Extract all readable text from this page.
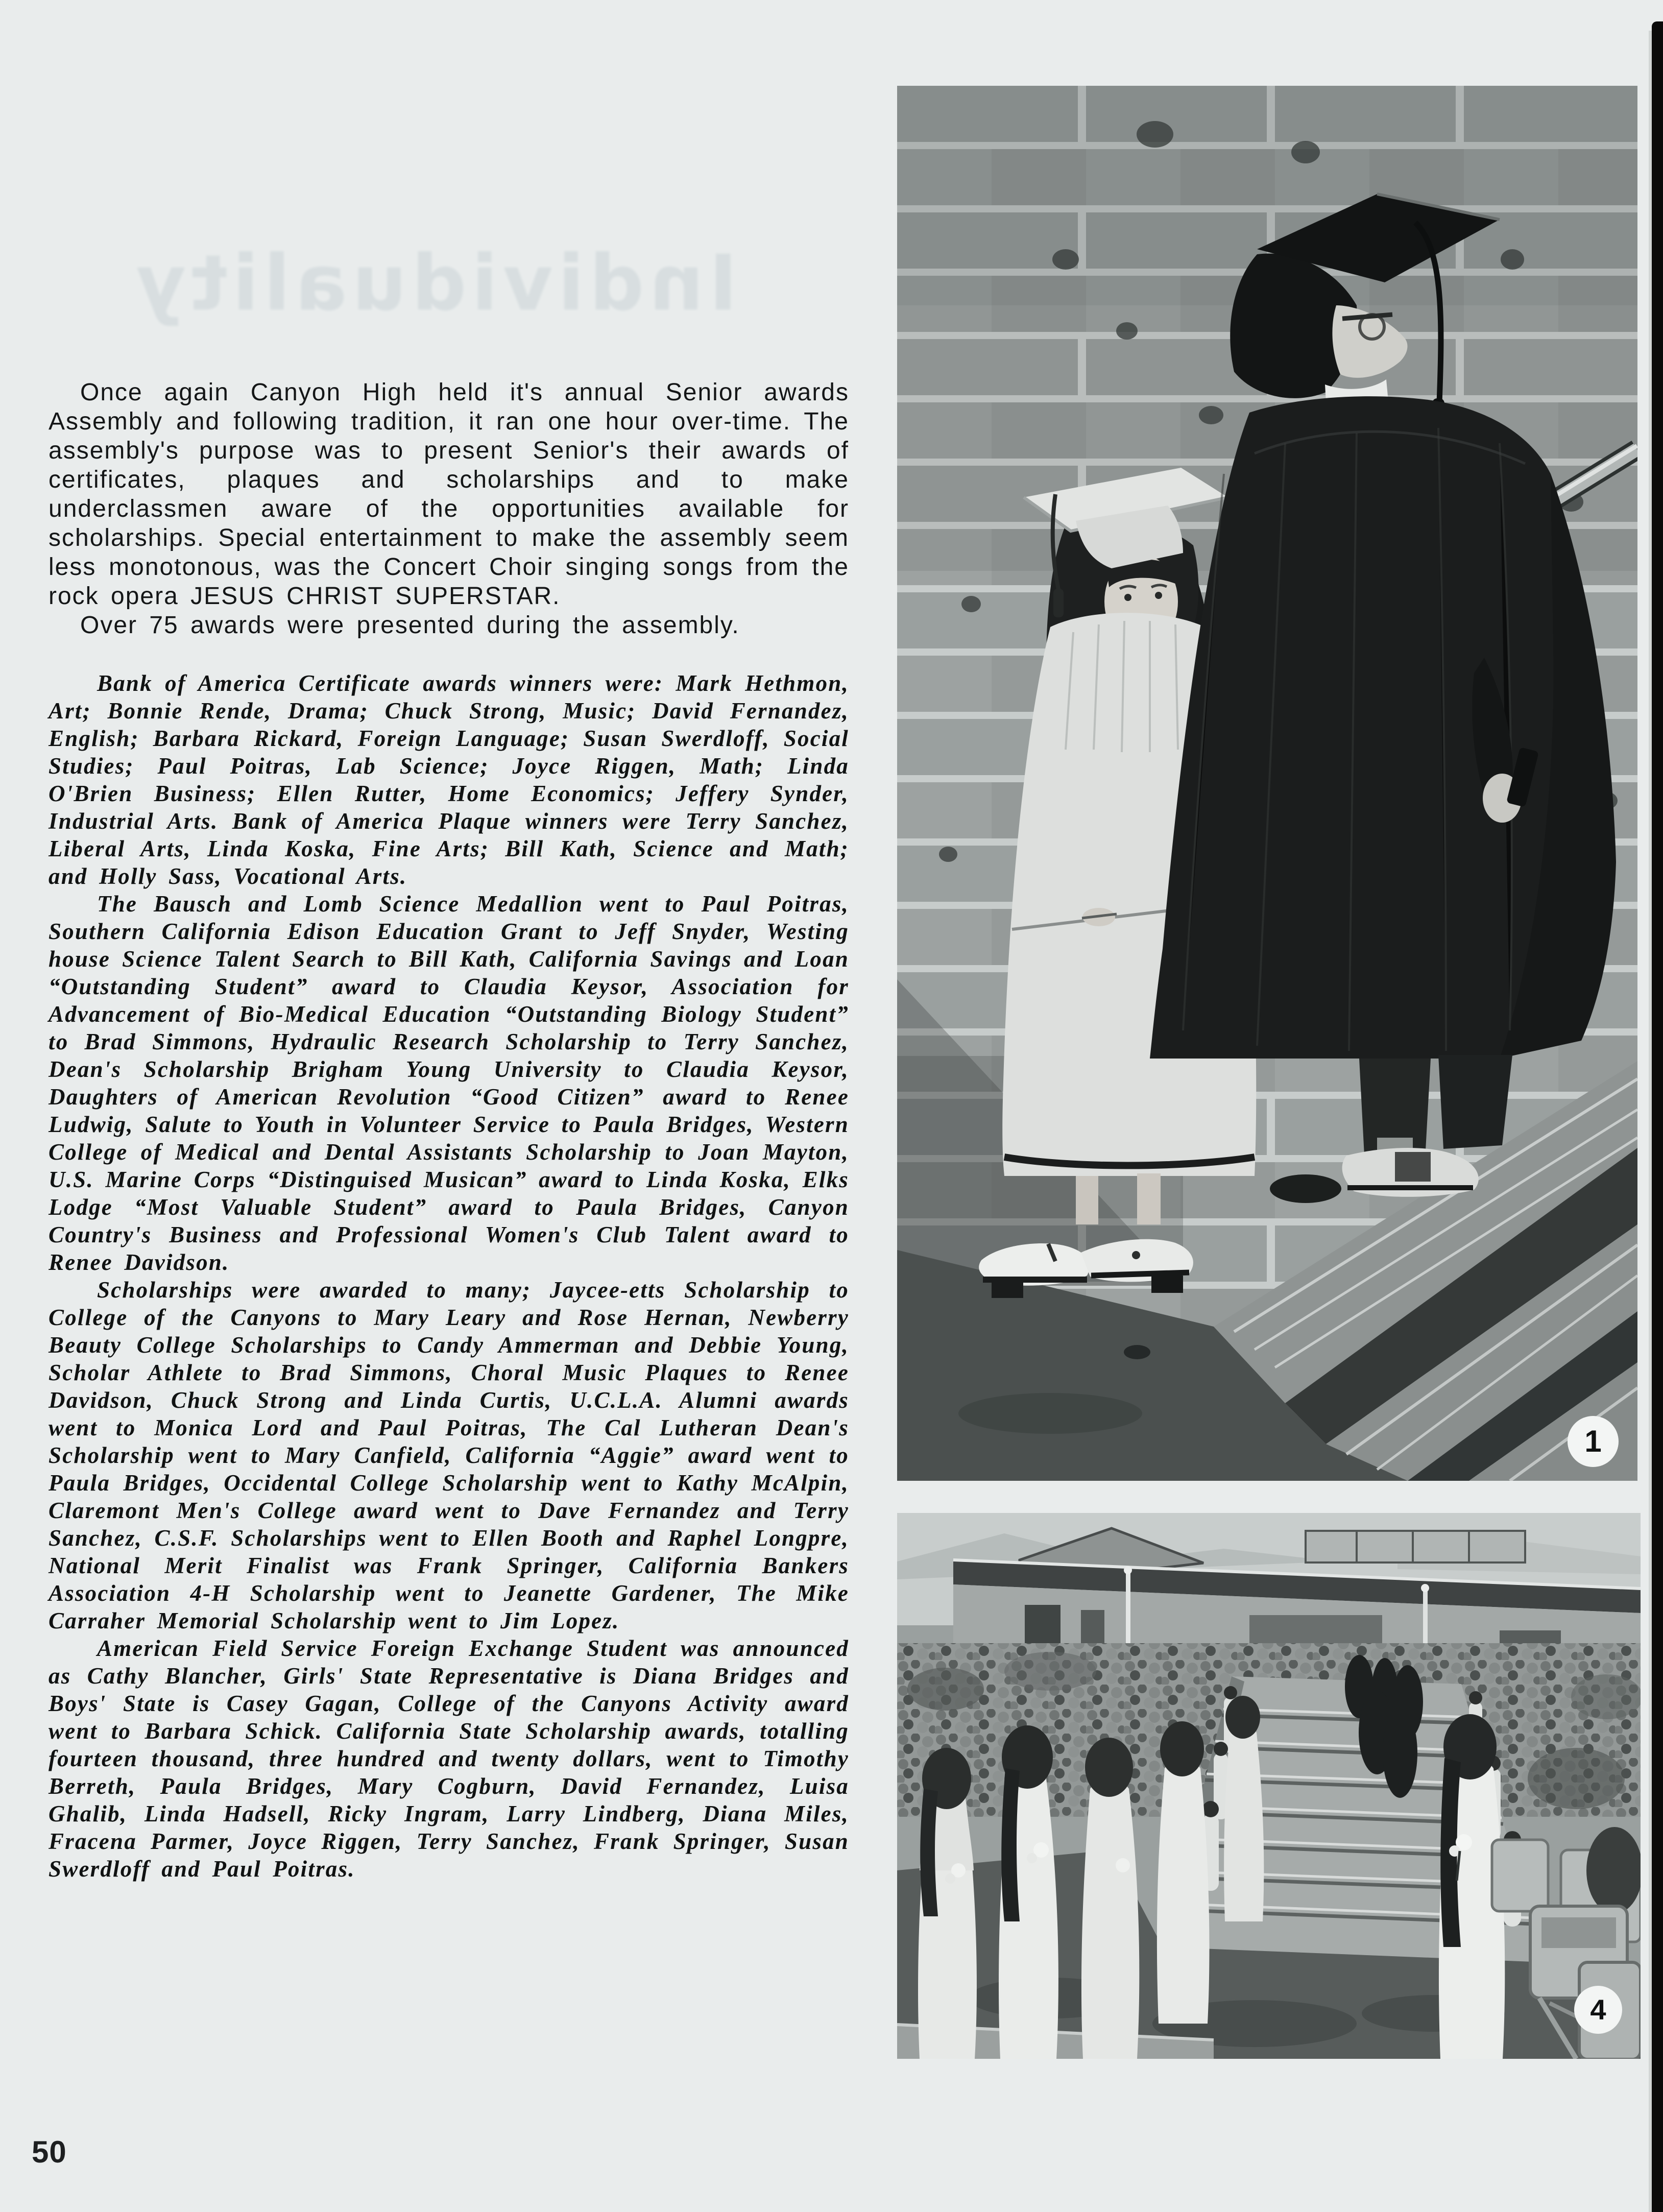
Individuality

Once again Canyon High held it's annual Senior awards Assembly and following tradition, it ran one hour over-time. The assembly's purpose was to present Senior's their awards of certificates, plaques and scholarships and to make underclassmen aware of the opportunities available for scholarships. Special entertainment to make the assembly seem less monotonous, was the Concert Choir singing songs from the rock opera JESUS CHRIST SUPERSTAR.

Over 75 awards were presented during the assembly.

Bank of America Certificate awards winners were: Mark Hethmon, Art; Bonnie Rende, Drama; Chuck Strong, Music; David Fernandez, English; Barbara Rickard, Foreign Language; Susan Swerdloff, Social Studies; Paul Poitras, Lab Science; Joyce Riggen, Math; Linda O'Brien Business; Ellen Rutter, Home Economics; Jeffery Synder, Industrial Arts. Bank of America Plaque winners were Terry Sanchez, Liberal Arts, Linda Koska, Fine Arts; Bill Kath, Science and Math; and Holly Sass, Vocational Arts.

The Bausch and Lomb Science Medallion went to Paul Poitras, Southern California Edison Education Grant to Jeff Snyder, Westing house Science Talent Search to Bill Kath, California Savings and Loan “Outstanding Student” award to Claudia Keysor, Association for Advancement of Bio-Medical Education “Outstanding Biology Student” to Brad Simmons, Hydraulic Research Scholarship to Terry Sanchez, Dean's Scholarship Brigham Young University to Claudia Keysor, Daughters of American Revolution “Good Citizen” award to Renee Ludwig, Salute to Youth in Volunteer Service to Paula Bridges, Western College of Medical and Dental Assistants Scholarship to Joan Mayton, U.S. Marine Corps “Distinguised Musican” award to Linda Koska, Elks Lodge “Most Valuable Student” award to Paula Bridges, Canyon Country's Business and Professional Women's Club Talent award to Renee Davidson.

Scholarships were awarded to many; Jaycee-etts Scholarship to College of the Canyons to Mary Leary and Rose Hernan, Newberry Beauty College Scholarships to Candy Ammerman and Debbie Young, Scholar Athlete to Brad Simmons, Choral Music Plaques to Renee Davidson, Chuck Strong and Linda Curtis, U.C.L.A. Alumni awards went to Monica Lord and Paul Poitras, The Cal Lutheran Dean's Scholarship went to Mary Canfield, California “Aggie” award went to Paula Bridges, Occidental College Scholarship went to Kathy McAlpin, Claremont Men's College award went to Dave Fernandez and Terry Sanchez, C.S.F. Scholarships went to Ellen Booth and Raphel Longpre, National Merit Finalist was Frank Springer, California Bankers Association 4-H Scholarship went to Jeanette Gardener, The Mike Carraher Memorial Scholarship went to Jim Lopez.

American Field Service Foreign Exchange Student was announced as Cathy Blancher, Girls' State Representative is Diana Bridges and Boys' State is Casey Gagan, College of the Canyons Activity award went to Barbara Schick. California State Scholarship awards, totalling fourteen thousand, three hundred and twenty dollars, went to Timothy Berreth, Paula Bridges, Mary Cogburn, David Fernandez, Luisa Ghalib, Linda Hadsell, Ricky Ingram, Larry Lindberg, Diana Miles, Fracena Parmer, Joyce Riggen, Terry Sanchez, Frank Springer, Susan Swerdloff and Paul Poitras.

1
4
50
